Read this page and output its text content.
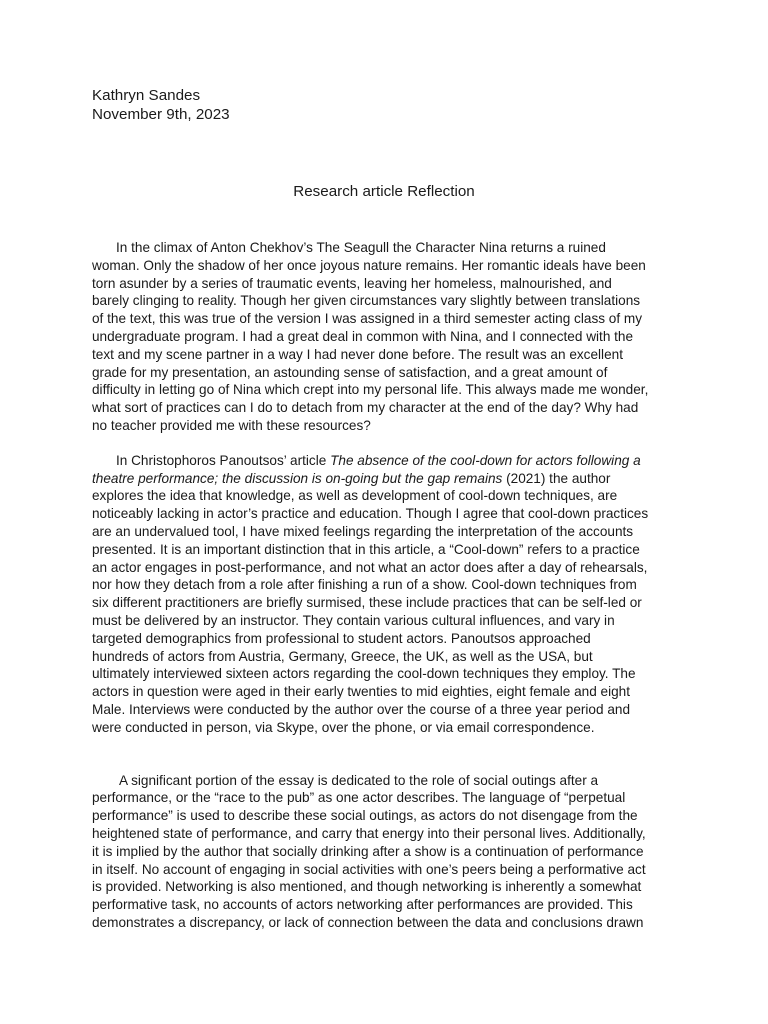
Kathryn Sandes

November 9th, 2023

Research article Reflection

In the climax of Anton Chekhov’s The Seagull the Character Nina returns a ruined
woman. Only the shadow of her once joyous nature remains. Her romantic ideals have been
torn asunder by a series of traumatic events, leaving her homeless, malnourished, and
barely clinging to reality. Though her given circumstances vary slightly between translations
of the text, this was true of the version I was assigned in a third semester acting class of my
undergraduate program. I had a great deal in common with Nina, and I connected with the
text and my scene partner in a way I had never done before. The result was an excellent
grade for my presentation, an astounding sense of satisfaction, and a great amount of
difficulty in letting go of Nina which crept into my personal life. This always made me wonder,
what sort of practices can I do to detach from my character at the end of the day? Why had
no teacher provided me with these resources?
In Christophoros Panoutsos’ article The absence of the cool-down for actors following a
theatre performance; the discussion is on-going but the gap remains (2021) the author
explores the idea that knowledge, as well as development of cool-down techniques, are
noticeably lacking in actor’s practice and education. Though I agree that cool-down practices
are an undervalued tool, I have mixed feelings regarding the interpretation of the accounts
presented. It is an important distinction that in this article, a “Cool-down” refers to a practice
an actor engages in post-performance, and not what an actor does after a day of rehearsals,
nor how they detach from a role after finishing a run of a show. Cool-down techniques from
six different practitioners are briefly surmised, these include practices that can be self-led or
must be delivered by an instructor. They contain various cultural influences, and vary in
targeted demographics from professional to student actors. Panoutsos approached
hundreds of actors from Austria, Germany, Greece, the UK, as well as the USA, but
ultimately interviewed sixteen actors regarding the cool-down techniques they employ. The
actors in question were aged in their early twenties to mid eighties, eight female and eight
Male. Interviews were conducted by the author over the course of a three year period and
were conducted in person, via Skype, over the phone, or via email correspondence.
A significant portion of the essay is dedicated to the role of social outings after a
performance, or the “race to the pub” as one actor describes. The language of “perpetual
performance” is used to describe these social outings, as actors do not disengage from the
heightened state of performance, and carry that energy into their personal lives. Additionally,
it is implied by the author that socially drinking after a show is a continuation of performance
in itself. No account of engaging in social activities with one’s peers being a performative act
is provided. Networking is also mentioned, and though networking is inherently a somewhat
performative task, no accounts of actors networking after performances are provided. This
demonstrates a discrepancy, or lack of connection between the data and conclusions drawn
